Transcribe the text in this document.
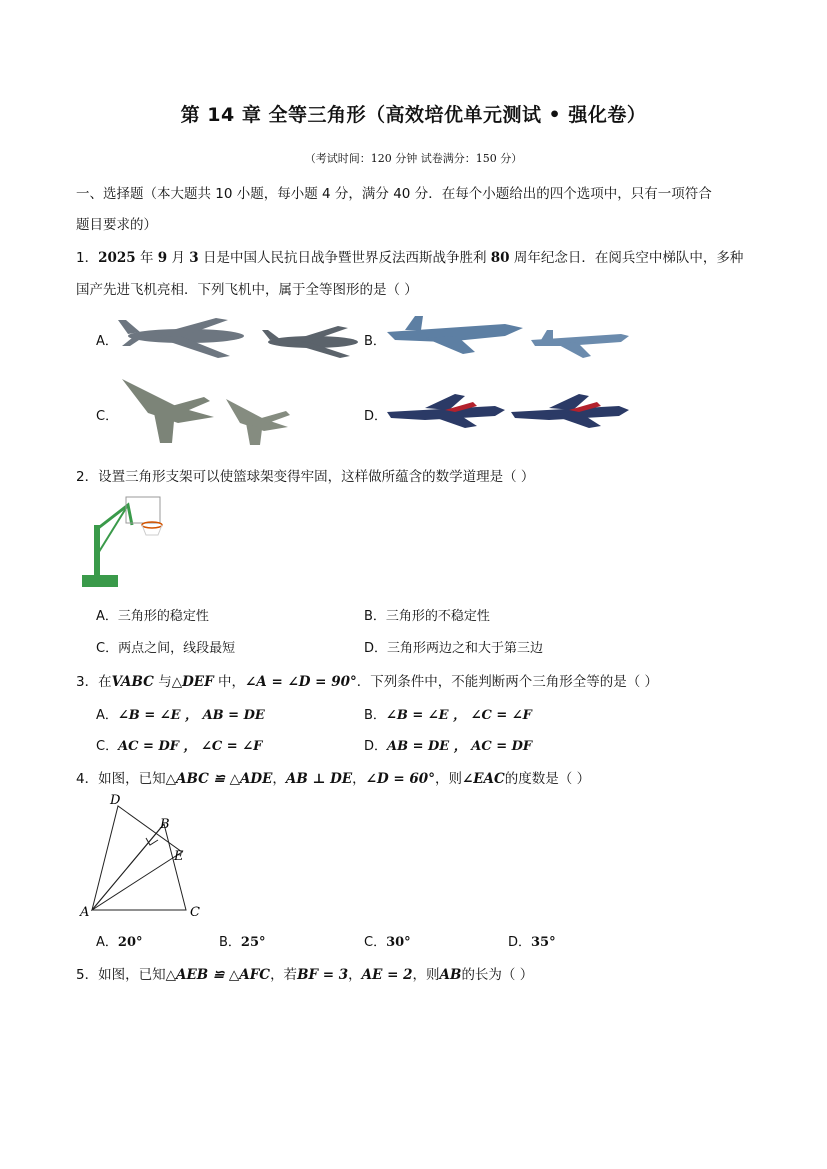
第 14 章 全等三角形（高效培优单元测试 • 强化卷）
（考试时间：120 分钟 试卷满分：150 分）
一、选择题（本大题共 10 小题，每小题 4 分，满分 40 分．在每个小题给出的四个选项中，只有一项符合
题目要求的）
1．2025 年 9 月 3 日是中国人民抗日战争暨世界反法西斯战争胜利 80 周年纪念日．在阅兵空中梯队中，多种
国产先进飞机亮相．下列飞机中，属于全等图形的是（ ）
A．	B．
C．	D．
2．设置三角形支架可以使篮球架变得牢固，这样做所蕴含的数学道理是（ ）
A．三角形的稳定性	B．三角形的不稳定性
C．两点之间，线段最短	D．三角形两边之和大于第三边
3．在VABC 与△DEF 中，∠A = ∠D = 90°．下列条件中，不能判断两个三角形全等的是（ ）
A．∠B = ∠E ， AB = DE	B．∠B = ∠E ， ∠C = ∠F
C．AC = DF ， ∠C = ∠F	D．AB = DE ， AC = DF
4．如图，已知△ABC ≌ △ADE，AB ⊥ DE，∠D = 60°，则∠EAC的度数是（ ）
D
B
E
A	C
A．20°	B．25°	C．30°	D．35°
5．如图，已知△AEB ≌ △AFC，若BF = 3，AE = 2，则AB的长为（ ）
